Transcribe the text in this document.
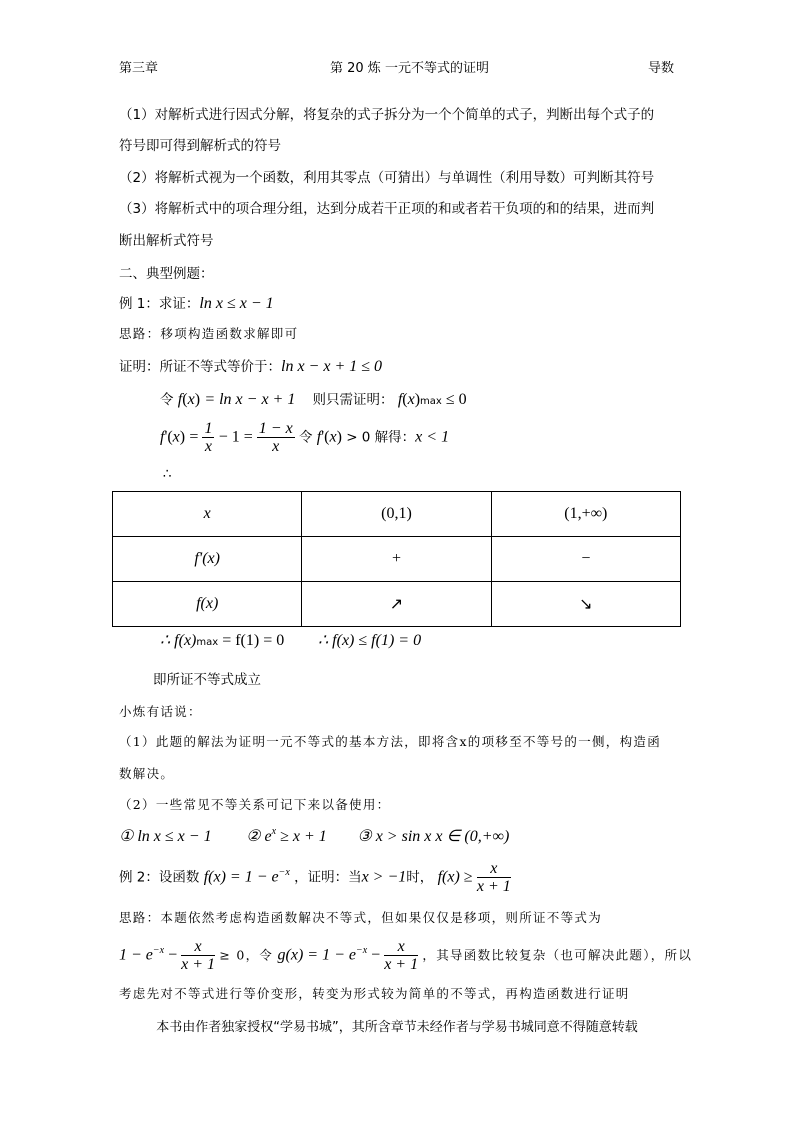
第三章	第 20 炼 一元不等式的证明	导数
（1）对解析式进行因式分解，将复杂的式子拆分为一个个简单的式子，判断出每个式子的
符号即可得到解析式的符号
（2）将解析式视为一个函数，利用其零点（可猜出）与单调性（利用导数）可判断其符号
（3）将解析式中的项合理分组，达到分成若干正项的和或者若干负项的和的结果，进而判
断出解析式符号
二、典型例题：
例 1：求证：ln x ≤ x − 1
思路：移项构造函数求解即可
证明：所证不等式等价于：ln x − x + 1 ≤ 0
令 f(x) = ln x − x + 1 则只需证明： f(x)max ≤ 0
$f'(x) = \frac{1}{x} - 1 = \frac{1 - x}{x}$ 令 f'(x) > 0 解得：x < 1
∴
x	(0,1)	(1,+∞)
f'(x)	+	−
f(x)	↗	↘
∴ f(x)max = f(1) = 0 ∴ f(x) ≤ f(1) = 0
即所证不等式成立
小炼有话说：
（1）此题的解法为证明一元不等式的基本方法，即将含x的项移至不等号的一侧，构造函
数解决。
（2）一些常见不等关系可记下来以备使用：
① ln x ≤ x − 1 ② $e^x \ge x + 1$ ③ x > sin x x ∈ (0,+∞)
例 2：设函数 $f(x) = 1 - e^{-x}$ ，证明：当x > −1时， $f(x) \ge \frac{x}{x + 1}$
思路：本题依然考虑构造函数解决不等式，但如果仅仅是移项，则所证不等式为
$1 - e^{-x} - \frac{x}{x + 1} \ge 0$，令 $g(x) = 1 - e^{-x} - \frac{x}{x + 1}$ ，其导函数比较复杂（也可解决此题），所以
考虑先对不等式进行等价变形，转变为形式较为简单的不等式，再构造函数进行证明
本书由作者独家授权“学易书城”，其所含章节未经作者与学易书城同意不得随意转载
